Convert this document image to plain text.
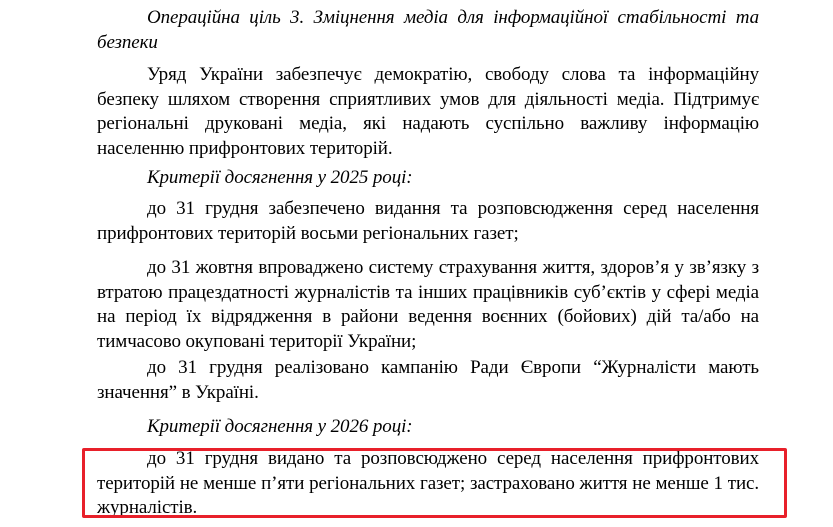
Операційна ціль 3. Зміцнення медіа для інформаційної стабільності та безпеки

Уряд України забезпечує демократію, свободу слова та інформаційну безпеку шляхом створення сприятливих умов для діяльності медіа. Підтримує регіональні друковані медіа, які надають суспільно важливу інформацію населенню прифронтових територій.

Критерії досягнення у 2025 році:

до 31 грудня забезпечено видання та розповсюдження серед населення прифронтових територій восьми регіональних газет;

до 31 жовтня впроваджено систему страхування життя, здоров’я у зв’язку з втратою працездатності журналістів та інших працівників суб’єктів у сфері медіа на період їх відрядження в райони ведення воєнних (бойових) дій та/або на тимчасово окуповані території України;

до 31 грудня реалізовано кампанію Ради Європи “Журналісти мають значення” в Україні.

Критерії досягнення у 2026 році:

до 31 грудня видано та розповсюджено серед населення прифронтових територій не менше п’яти регіональних газет; застраховано життя не менше 1 тис. журналістів.
